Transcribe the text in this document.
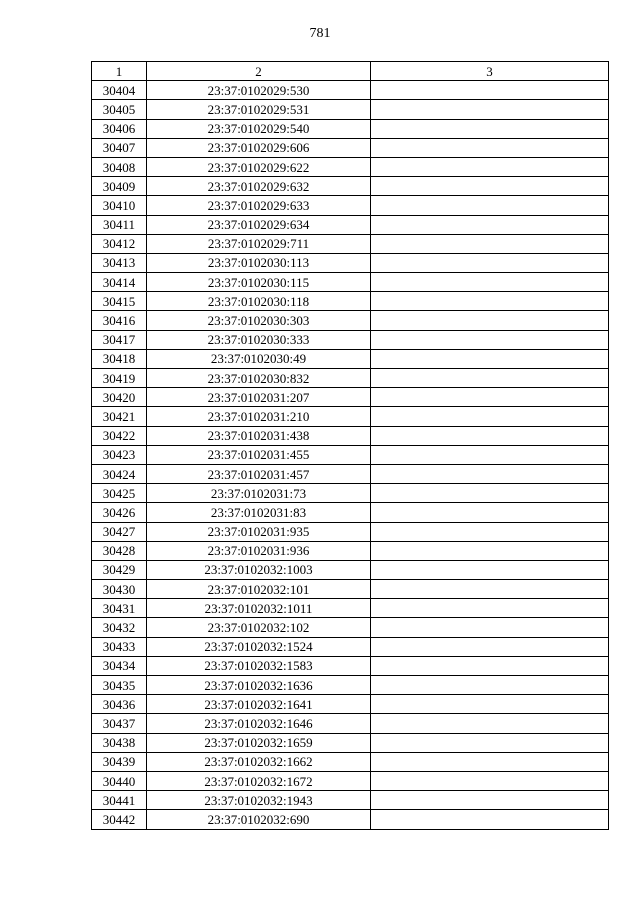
781
1	2	3
30404	23:37:0102029:530	
30405	23:37:0102029:531	
30406	23:37:0102029:540	
30407	23:37:0102029:606	
30408	23:37:0102029:622	
30409	23:37:0102029:632	
30410	23:37:0102029:633	
30411	23:37:0102029:634	
30412	23:37:0102029:711	
30413	23:37:0102030:113	
30414	23:37:0102030:115	
30415	23:37:0102030:118	
30416	23:37:0102030:303	
30417	23:37:0102030:333	
30418	23:37:0102030:49	
30419	23:37:0102030:832	
30420	23:37:0102031:207	
30421	23:37:0102031:210	
30422	23:37:0102031:438	
30423	23:37:0102031:455	
30424	23:37:0102031:457	
30425	23:37:0102031:73	
30426	23:37:0102031:83	
30427	23:37:0102031:935	
30428	23:37:0102031:936	
30429	23:37:0102032:1003	
30430	23:37:0102032:101	
30431	23:37:0102032:1011	
30432	23:37:0102032:102	
30433	23:37:0102032:1524	
30434	23:37:0102032:1583	
30435	23:37:0102032:1636	
30436	23:37:0102032:1641	
30437	23:37:0102032:1646	
30438	23:37:0102032:1659	
30439	23:37:0102032:1662	
30440	23:37:0102032:1672	
30441	23:37:0102032:1943	
30442	23:37:0102032:690	
